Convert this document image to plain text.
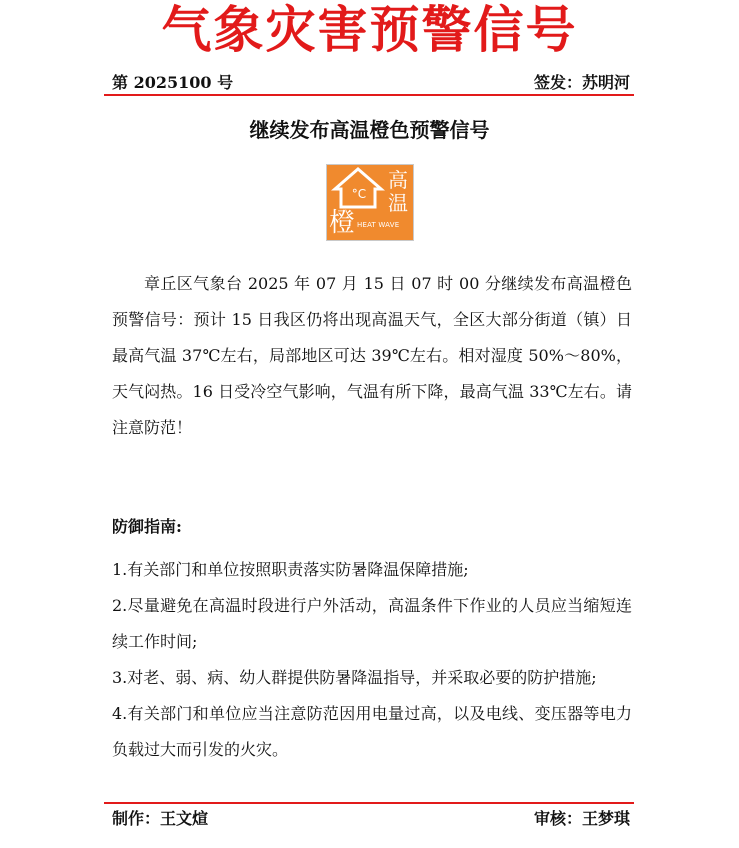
气象灾害预警信号
第 2025100 号	签发：苏明河
继续发布高温橙色预警信号
°C
橙
高温
HEAT WAVE

章丘区气象台 2025 年 07 月 15 日 07 时 00 分继续发布高温橙色预警信号：预计 15 日我区仍将出现高温天气，全区大部分街道（镇）日最高气温 37℃左右，局部地区可达 39℃左右。相对湿度 50%～80%，天气闷热。16 日受冷空气影响，气温有所下降，最高气温 33℃左右。请注意防范！

防御指南:

1.有关部门和单位按照职责落实防暑降温保障措施;

2.尽量避免在高温时段进行户外活动，高温条件下作业的人员应当缩短连续工作时间;

3.对老、弱、病、幼人群提供防暑降温指导，并采取必要的防护措施;

4.有关部门和单位应当注意防范因用电量过高，以及电线、变压器等电力负载过大而引发的火灾。

制作：王文煊	审核：王梦琪
